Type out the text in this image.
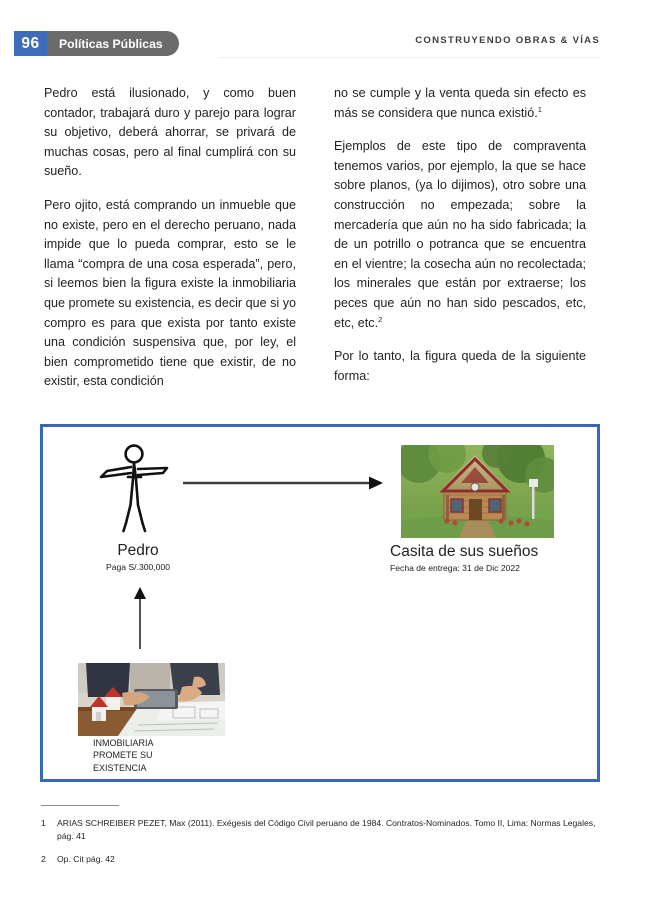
96	Políticas Públicas	CONSTRUYENDO OBRAS & VÍAS

Pedro está ilusionado, y como buen contador, trabajará duro y parejo para lograr su objetivo, deberá ahorrar, se privará de muchas cosas, pero al final cumplirá con su sueño.

Pero ojito, está comprando un inmueble que no existe, pero en el derecho peruano, nada impide que lo pueda comprar, esto se le llama “compra de una cosa esperada”, pero, si leemos bien la figura existe la inmobiliaria que promete su existencia, es decir que si yo compro es para que exista por tanto existe una condición suspensiva que, por ley, el bien comprometido tiene que existir, de no existir, esta condición

no se cumple y la venta queda sin efecto es más se considera que nunca existió.$^1$

Ejemplos de este tipo de compraventa tenemos varios, por ejemplo, la que se hace sobre planos, (ya lo dijimos), otro sobre una construcción no empezada; sobre la mercadería que aún no ha sido fabricada; la de un potrillo o potranca que se encuentra en el vientre; la cosecha aún no recolectada; los minerales que están por extraerse; los peces que aún no han sido pescados, etc, etc, etc.$^2$

Por lo tanto, la figura queda de la siguiente forma:

Pedro
Paga S/.300,000
Casita de sus sueños
Fecha de entrega: 31 de Dic 2022
INMOBILIARIA
PROMETE SU
EXISTENCIA
1	ARIAS SCHREIBER PEZET, Max (2011). Exégesis del Código Civil peruano de 1984. Contratos-Nominados. Tomo II, Lima: Normas Legales, pág. 41
2	Op. Cit pág. 42
